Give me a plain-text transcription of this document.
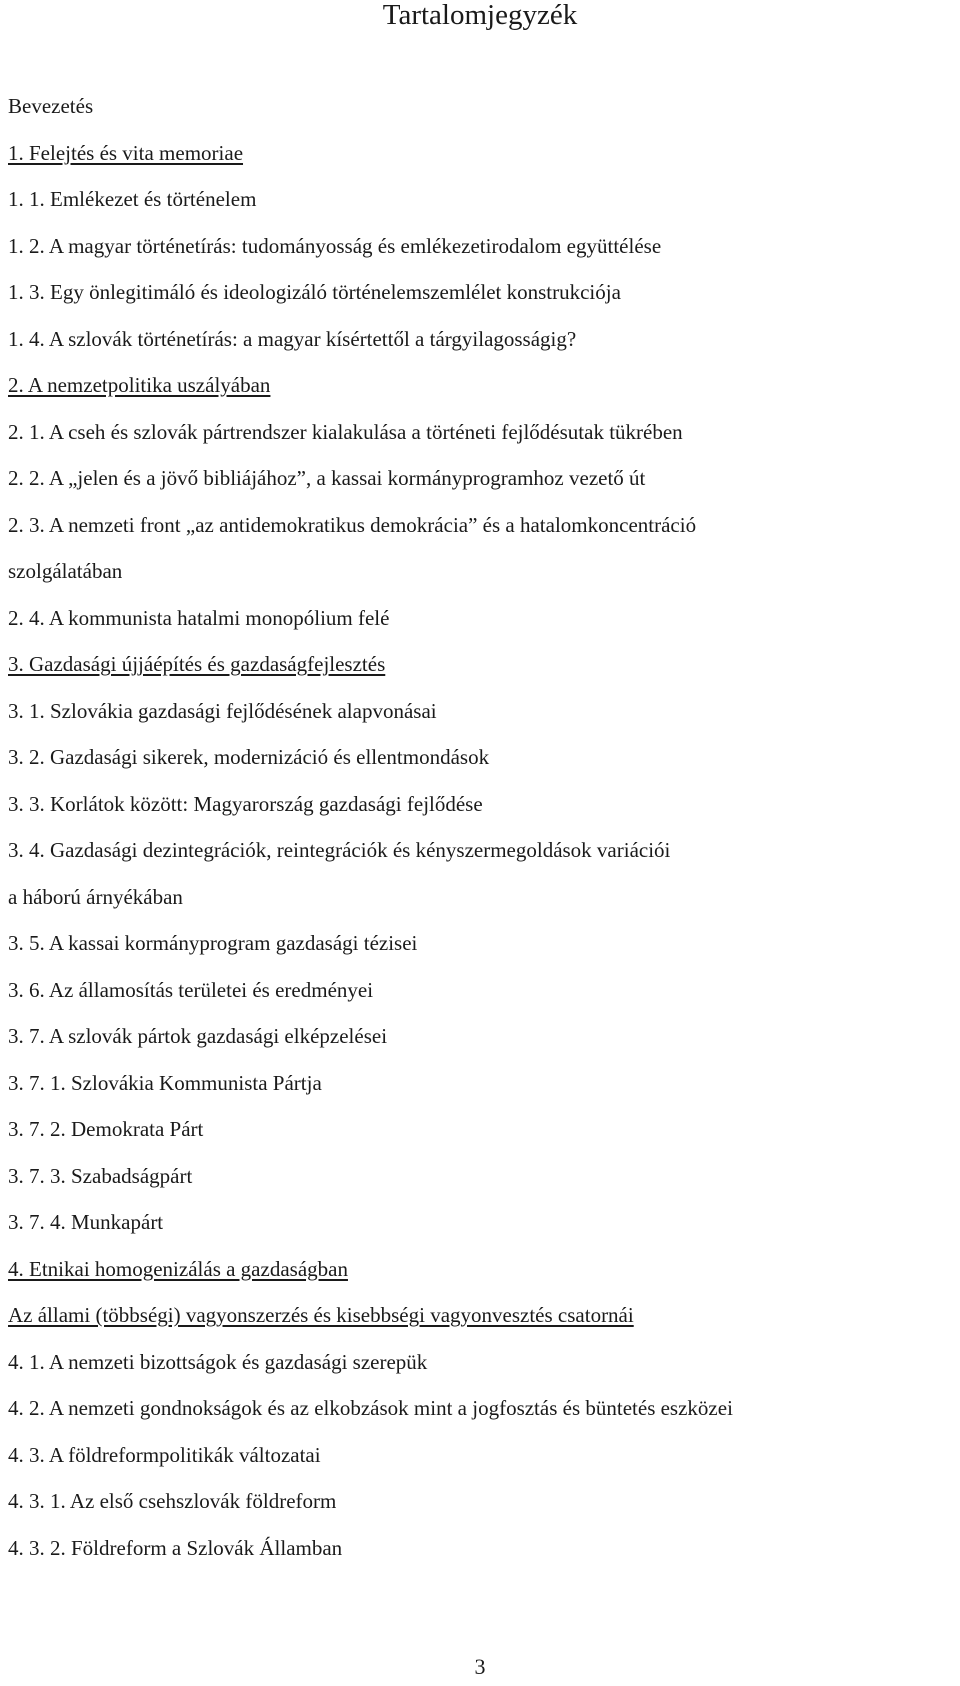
Tartalomjegyzék
Bevezetés
1. Felejtés és vita memoriae
1. 1. Emlékezet és történelem
1. 2. A magyar történetírás: tudományosság és emlékezetirodalom együttélése
1. 3. Egy önlegitimáló és ideologizáló történelemszemlélet konstrukciója
1. 4. A szlovák történetírás: a magyar kísértettől a tárgyilagosságig?
2. A nemzetpolitika uszályában
2. 1. A cseh és szlovák pártrendszer kialakulása a történeti fejlődésutak tükrében
2. 2. A „jelen és a jövő bibliájához”, a kassai kormányprogramhoz vezető út
2. 3. A nemzeti front „az antidemokratikus demokrácia” és a hatalomkoncentráció
szolgálatában
2. 4. A kommunista hatalmi monopólium felé
3. Gazdasági újjáépítés és gazdaságfejlesztés
3. 1. Szlovákia gazdasági fejlődésének alapvonásai
3. 2. Gazdasági sikerek, modernizáció és ellentmondások
3. 3. Korlátok között: Magyarország gazdasági fejlődése
3. 4. Gazdasági dezintegrációk, reintegrációk és kényszermegoldások variációi
a háború árnyékában
3. 5. A kassai kormányprogram gazdasági tézisei
3. 6. Az államosítás területei és eredményei
3. 7. A szlovák pártok gazdasági elképzelései
3. 7. 1. Szlovákia Kommunista Pártja
3. 7. 2. Demokrata Párt
3. 7. 3. Szabadságpárt
3. 7. 4. Munkapárt
4. Etnikai homogenizálás a gazdaságban
Az állami (többségi) vagyonszerzés és kisebbségi vagyonvesztés csatornái
4. 1. A nemzeti bizottságok és gazdasági szerepük
4. 2. A nemzeti gondnokságok és az elkobzások mint a jogfosztás és büntetés eszközei
4. 3. A földreformpolitikák változatai
4. 3. 1. Az első csehszlovák földreform
4. 3. 2. Földreform a Szlovák Államban
3
